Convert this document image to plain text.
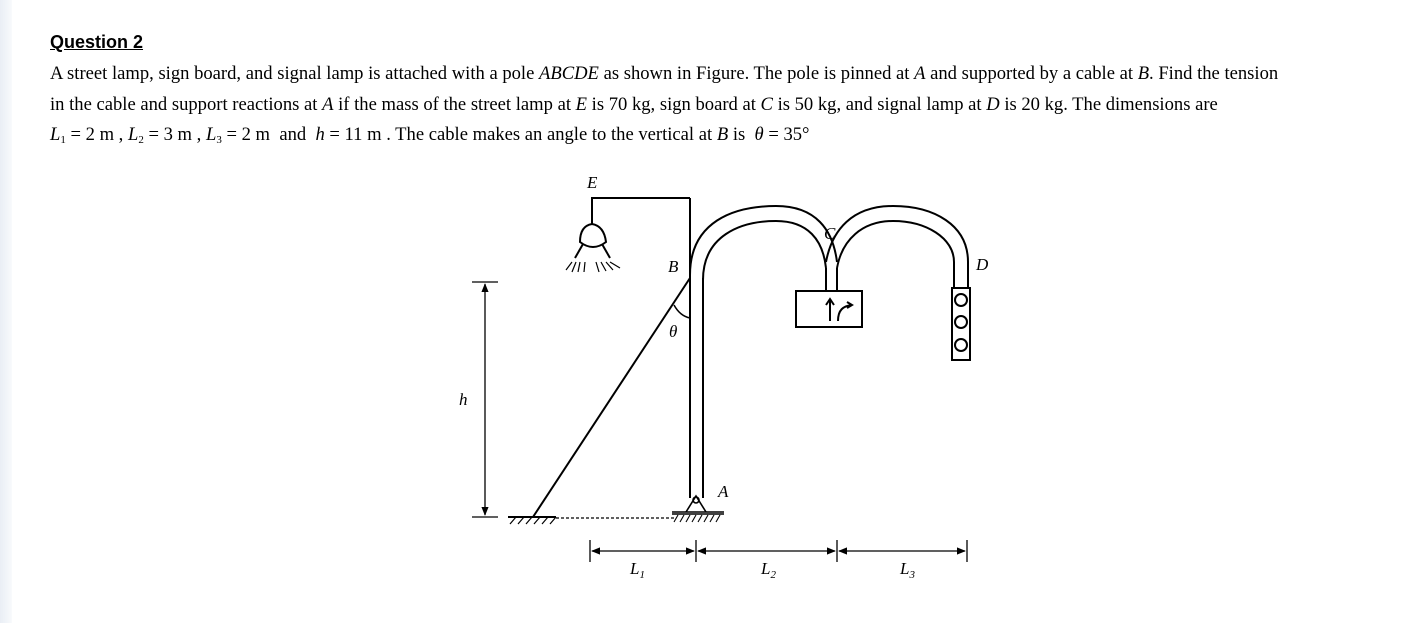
Question 2
A street lamp, sign board, and signal lamp is attached with a pole ABCDE as shown in Figure. The pole is pinned at A and supported by a cable at B. Find the tension
in the cable and support reactions at A if the mass of the street lamp at E is 70 kg, sign board at C is 50 kg, and signal lamp at D is 20 kg. The dimensions are
$L_1 = 2$ m , $L_2 = 3$ m , $L_3 = 2$ m  and  h = 11 m . The cable makes an angle to the vertical at B is  θ = 35°
E
B
C
D
A
θ
h
$L_1$	$L_2$	$L_3$
